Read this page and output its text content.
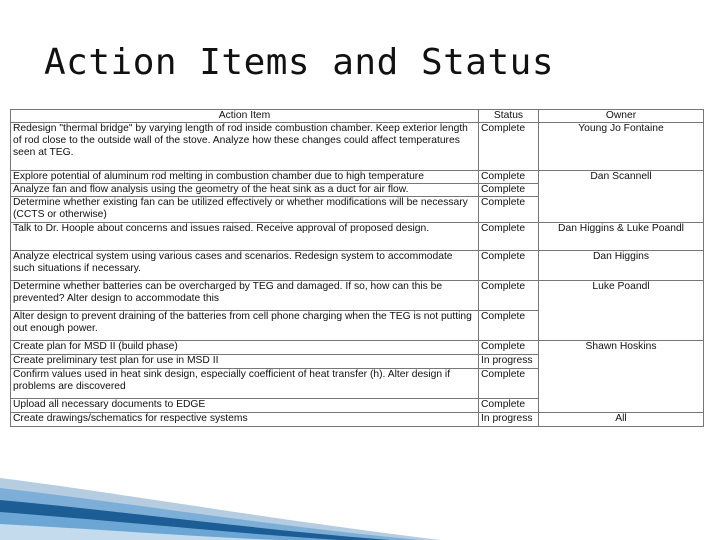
Action Items and Status
Action Item	Status	Owner
Redesign "thermal bridge" by varying length of rod inside combustion chamber. Keep exterior length of rod close to the outside wall of the stove. Analyze how these changes could affect temperatures seen at TEG.	Complete	Young Jo Fontaine
Explore potential of aluminum rod melting in combustion chamber due to high temperature	Complete	Dan Scannell
Analyze fan and flow analysis using the geometry of the heat sink as a duct for air flow.	Complete	
Determine whether existing fan can be utilized effectively or whether modifications will be necessary (CCTS or otherwise)	Complete	
Talk to Dr. Hoople about concerns and issues raised. Receive approval of proposed design.	Complete	Dan Higgins & Luke Poandl
Analyze electrical system using various cases and scenarios. Redesign system to accommodate such situations if necessary.	Complete	Dan Higgins
Determine whether batteries can be overcharged by TEG and damaged. If so, how can this be prevented? Alter design to accommodate this	Complete	Luke Poandl
Alter design to prevent draining of the batteries from cell phone charging when the TEG is not putting out enough power.	Complete	
Create plan for MSD II (build phase)	Complete	Shawn Hoskins
Create preliminary test plan for use in MSD II	In progress	
Confirm values used in heat sink design, especially coefficient of heat transfer (h). Alter design if problems are discovered	Complete	
Upload all necessary documents to EDGE	Complete	
Create drawings/schematics for respective systems	In progress	All
